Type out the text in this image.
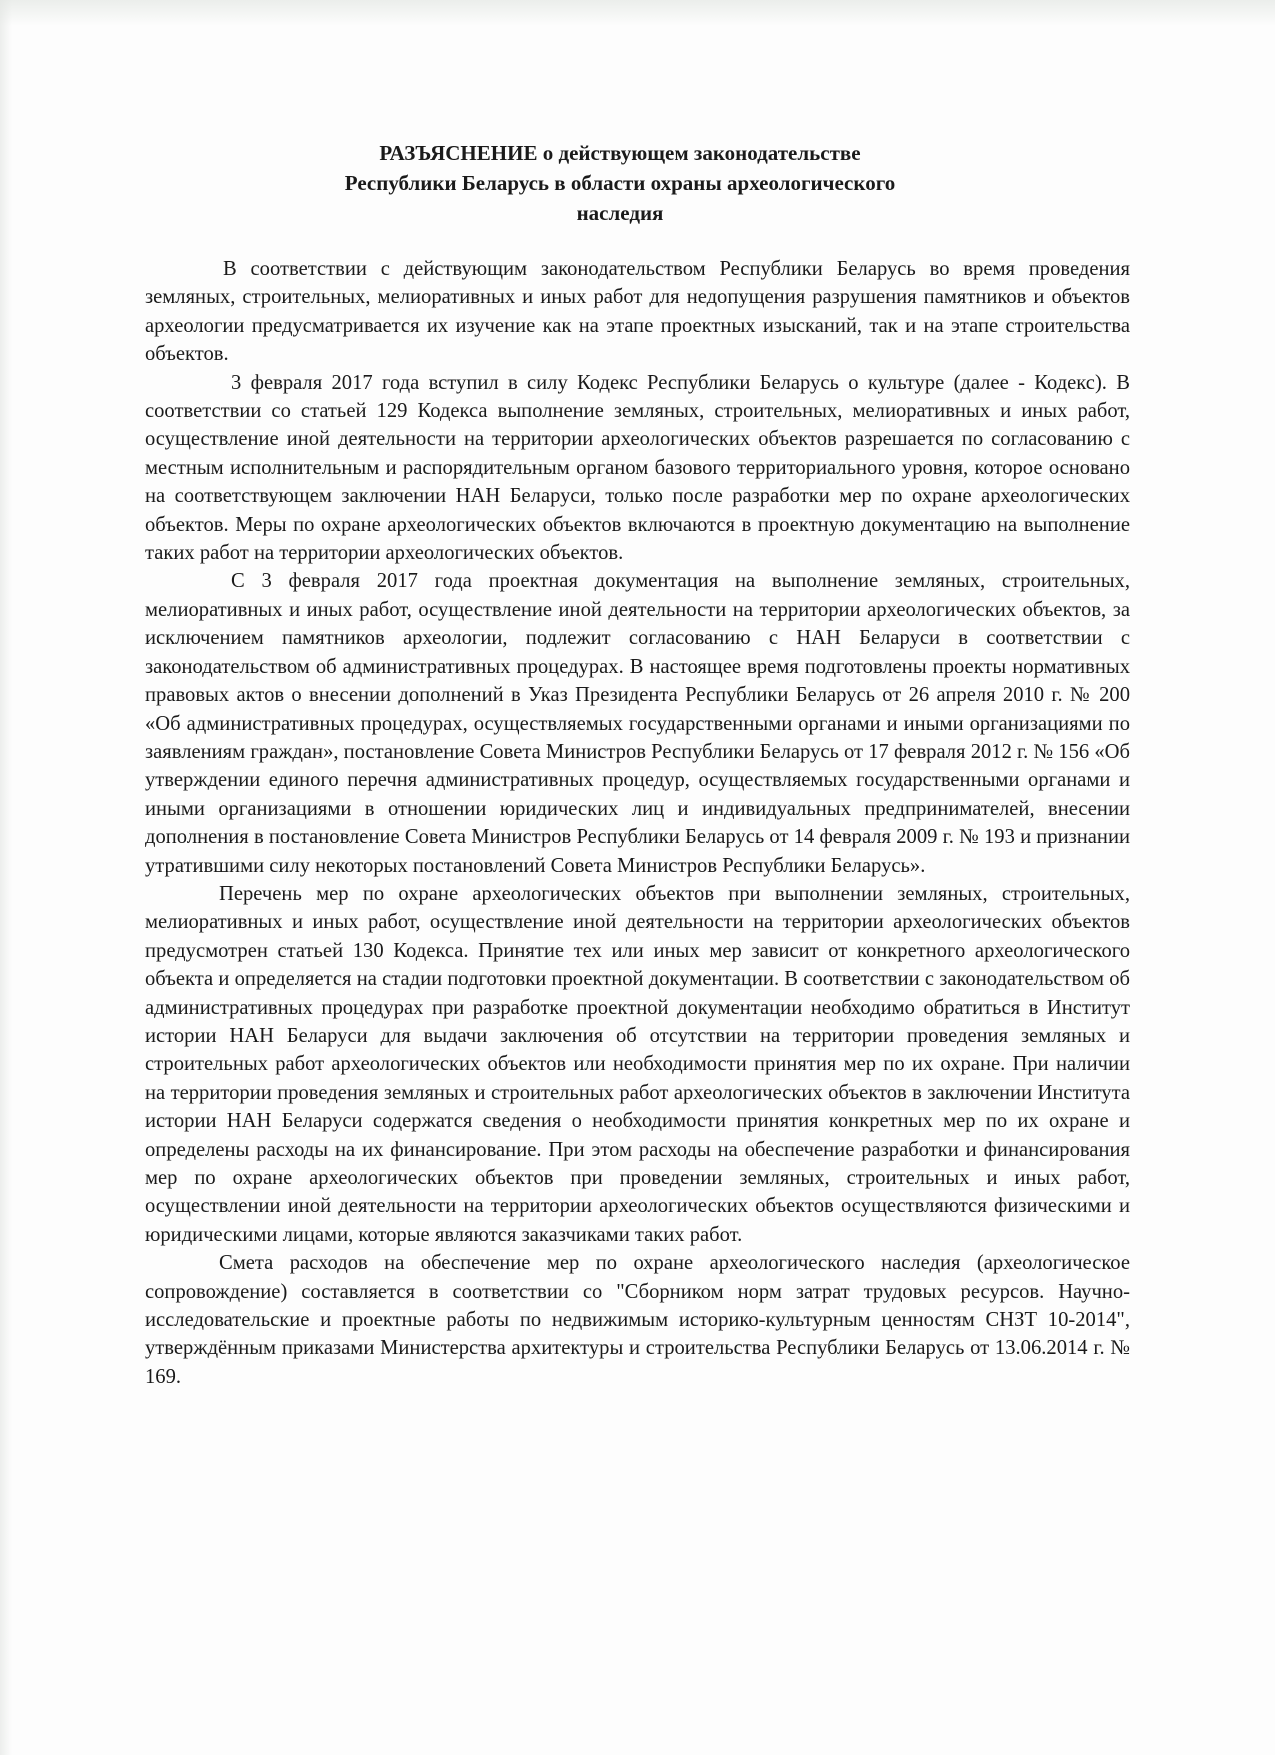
РАЗЪЯСНЕНИЕ о действующем законодательстве
Республики Беларусь в области охраны археологического
наследия

В соответствии с действующим законодательством Республики Беларусь во время проведения земляных, строительных, мелиоративных и иных работ для недопущения разрушения памятников и объектов археологии предусматривается их изучение как на этапе проектных изысканий, так и на этапе строительства объектов.

3 февраля 2017 года вступил в силу Кодекс Республики Беларусь о культуре (далее - Кодекс). В соответствии со статьей 129 Кодекса выполнение земляных, строительных, мелиоративных и иных работ, осуществление иной деятельности на территории археологических объектов разрешается по согласованию с местным исполнительным и распорядительным органом базового территориального уровня, которое основано на соответствующем заключении НАН Беларуси, только после разработки мер по охране археологических объектов. Меры по охране археологических объектов включаются в проектную документацию на выполнение таких работ на территории археологических объектов.

С 3 февраля 2017 года проектная документация на выполнение земляных, строительных, мелиоративных и иных работ, осуществление иной деятельности на территории археологических объектов, за исключением памятников археологии, подлежит согласованию с НАН Беларуси в соответствии с законодательством об административных процедурах. В настоящее время подготовлены проекты нормативных правовых актов о внесении дополнений в Указ Президента Республики Беларусь от 26 апреля 2010 г. № 200 «Об административных процедурах, осуществляемых государственными органами и иными организациями по заявлениям граждан», постановление Совета Министров Республики Беларусь от 17 февраля 2012 г. № 156 «Об утверждении единого перечня административных процедур, осуществляемых государственными органами и иными организациями в отношении юридических лиц и индивидуальных предпринимателей, внесении дополнения в постановление Совета Министров Республики Беларусь от 14 февраля 2009 г. № 193 и признании утратившими силу некоторых постановлений Совета Министров Республики Беларусь».

Перечень мер по охране археологических объектов при выполнении земляных, строительных, мелиоративных и иных работ, осуществление иной деятельности на территории археологических объектов предусмотрен статьей 130 Кодекса. Принятие тех или иных мер зависит от конкретного археологического объекта и определяется на стадии подготовки проектной документации. В соответствии с законодательством об административных процедурах при разработке проектной документации необходимо обратиться в Институт истории НАН Беларуси для выдачи заключения об отсутствии на территории проведения земляных и строительных работ археологических объектов или необходимости принятия мер по их охране. При наличии на территории проведения земляных и строительных работ археологических объектов в заключении Института истории НАН Беларуси содержатся сведения о необходимости принятия конкретных мер по их охране и определены расходы на их финансирование. При этом расходы на обеспечение разработки и финансирования мер по охране археологических объектов при проведении земляных, строительных и иных работ, осуществлении иной деятельности на территории археологических объектов осуществляются физическими и юридическими лицами, которые являются заказчиками таких работ.

Смета расходов на обеспечение мер по охране археологического наследия (археологическое сопровождение) составляется в соответствии со "Сборником норм затрат трудовых ресурсов. Научно-исследовательские и проектные работы по недвижимым историко-культурным ценностям СНЗТ 10-2014", утверждённым приказами Министерства архитектуры и строительства Республики Беларусь от 13.06.2014 г. № 169.
